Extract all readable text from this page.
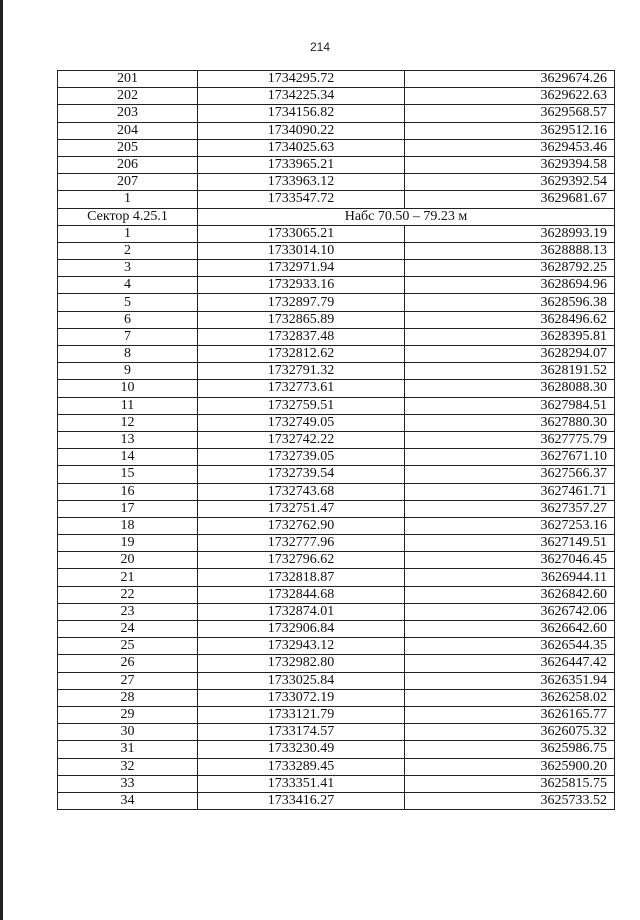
214
201	1734295.72	3629674.26
202	1734225.34	3629622.63
203	1734156.82	3629568.57
204	1734090.22	3629512.16
205	1734025.63	3629453.46
206	1733965.21	3629394.58
207	1733963.12	3629392.54
1	1733547.72	3629681.67
Сектор 4.25.1	Набс 70.50 – 79.23 м	
1	1733065.21	3628993.19
2	1733014.10	3628888.13
3	1732971.94	3628792.25
4	1732933.16	3628694.96
5	1732897.79	3628596.38
6	1732865.89	3628496.62
7	1732837.48	3628395.81
8	1732812.62	3628294.07
9	1732791.32	3628191.52
10	1732773.61	3628088.30
11	1732759.51	3627984.51
12	1732749.05	3627880.30
13	1732742.22	3627775.79
14	1732739.05	3627671.10
15	1732739.54	3627566.37
16	1732743.68	3627461.71
17	1732751.47	3627357.27
18	1732762.90	3627253.16
19	1732777.96	3627149.51
20	1732796.62	3627046.45
21	1732818.87	3626944.11
22	1732844.68	3626842.60
23	1732874.01	3626742.06
24	1732906.84	3626642.60
25	1732943.12	3626544.35
26	1732982.80	3626447.42
27	1733025.84	3626351.94
28	1733072.19	3626258.02
29	1733121.79	3626165.77
30	1733174.57	3626075.32
31	1733230.49	3625986.75
32	1733289.45	3625900.20
33	1733351.41	3625815.75
34	1733416.27	3625733.52
